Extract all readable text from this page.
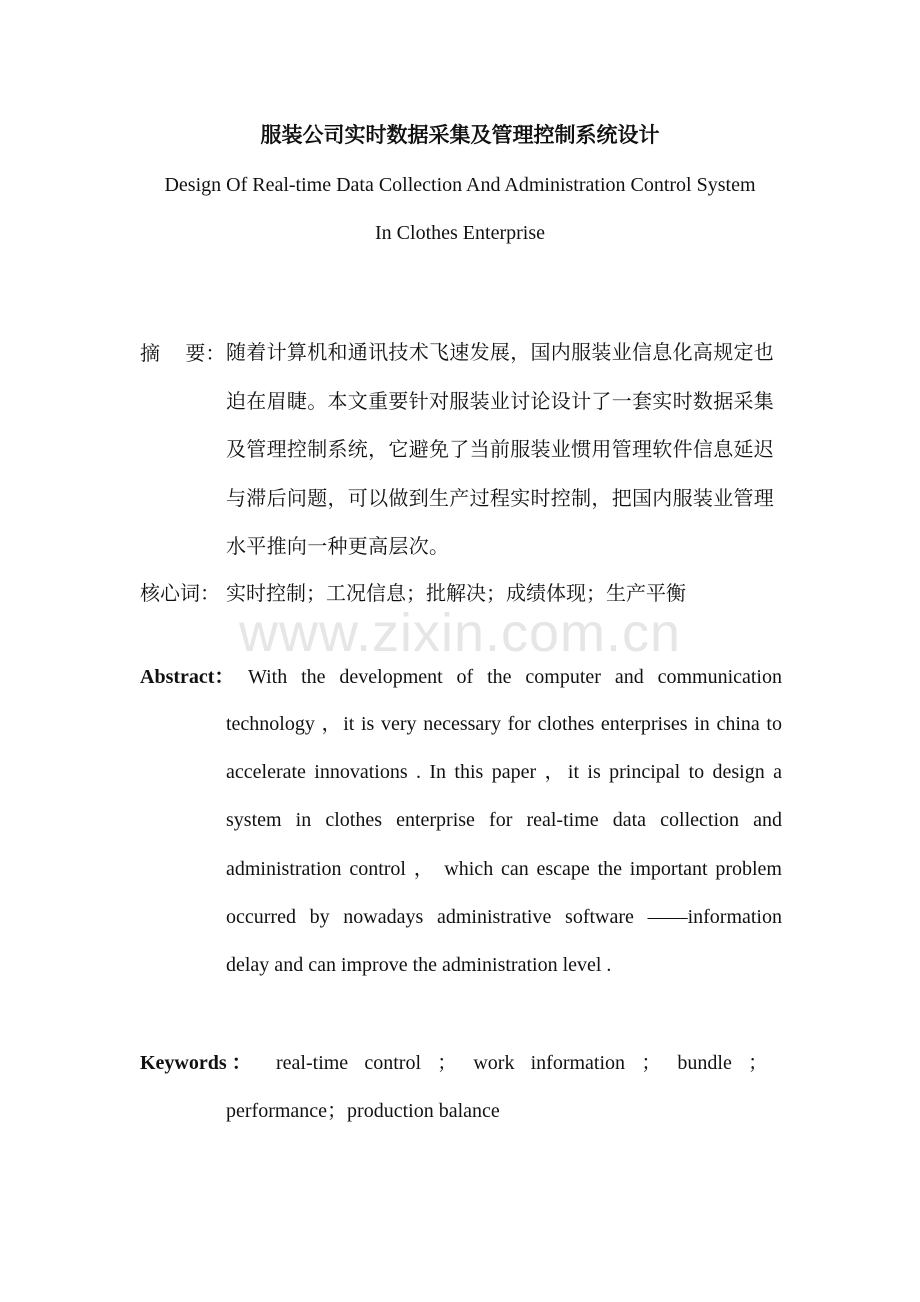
服装公司实时数据采集及管理控制系统设计
Design Of Real-time Data Collection And Administration Control System
In Clothes Enterprise
摘    要： 随着计算机和通讯技术飞速发展，国内服装业信息化高规定也迫在眉睫。本文重要针对服装业讨论设计了一套实时数据采集及管理控制系统，它避免了当前服装业惯用管理软件信息延迟与滞后问题，可以做到生产过程实时控制，把国内服装业管理水平推向一种更高层次。

核心词： 实时控制；工况信息；批解决；成绩体现；生产平衡
www.zixin.com.cn
Abstract： With the development of the computer and communication

technology ，it is very necessary for clothes enterprises in china to accelerate innovations . In this paper ，it is principal to design a system in clothes enterprise for real-time data collection and administration control ， which can escape the important problem occurred by nowadays administrative software ——information delay and can improve the administration level .

Keywords ： real-time control ； work information ； bundle ；
performance；production balance
